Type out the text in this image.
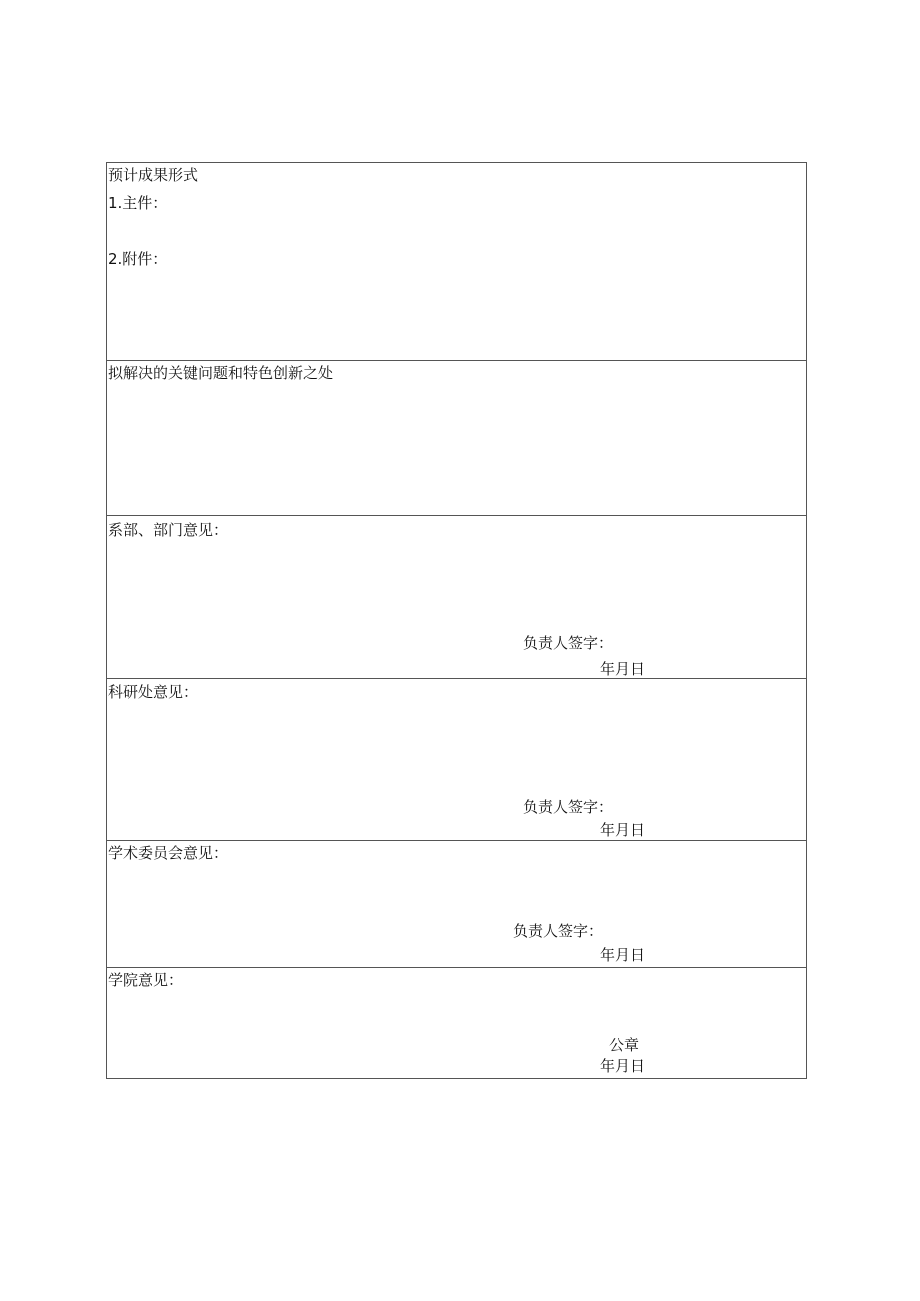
预计成果形式
1.主件：
2.附件：
拟解决的关键问题和特色创新之处
系部、部门意见：
负责人签字：
年月日
科研处意见：
负责人签字：
年月日
学术委员会意见：
负责人签字：
年月日
学院意见：
公章
年月日
